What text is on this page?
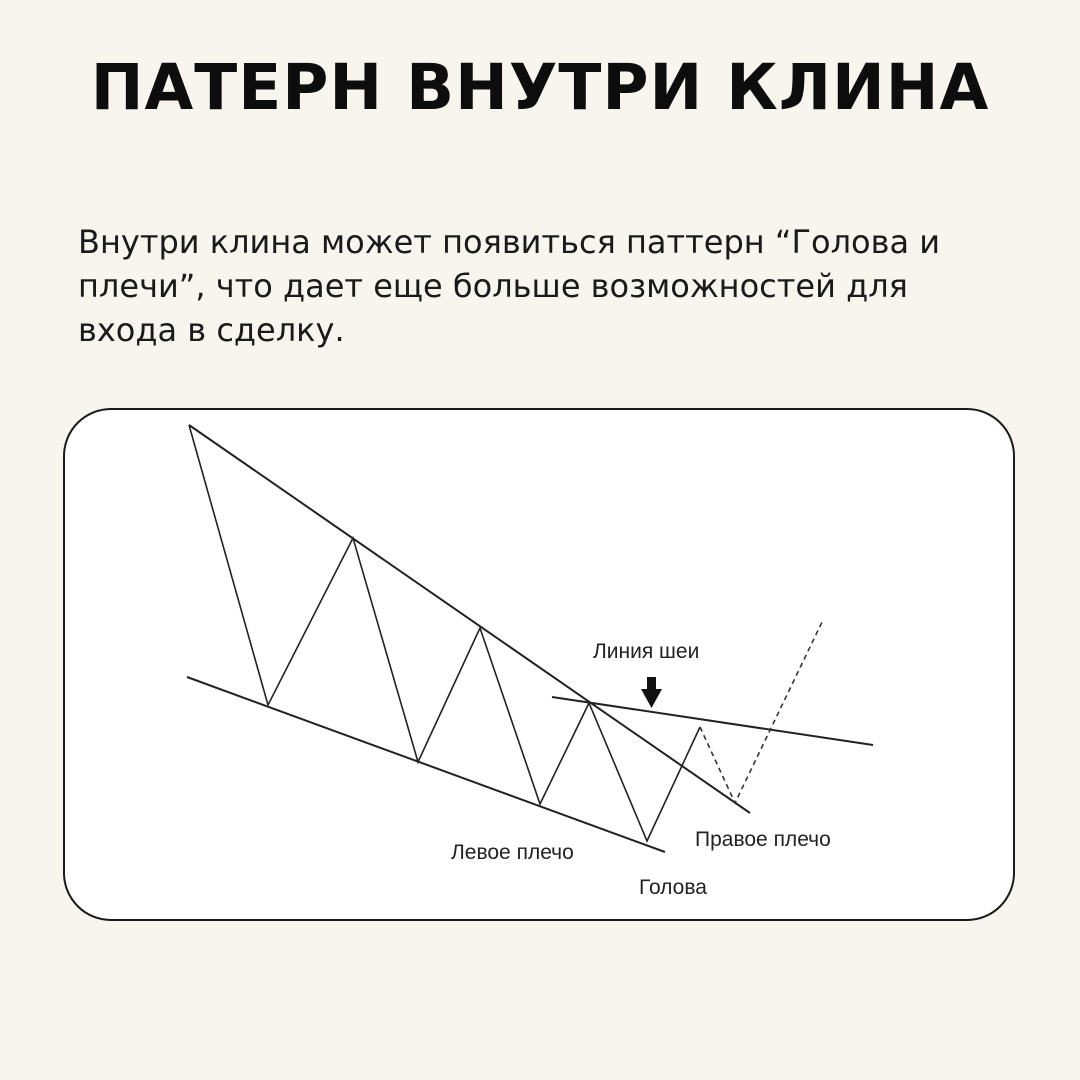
ПАТЕРН ВНУТРИ КЛИНА

Внутри клина может появиться паттерн “Голова и плечи”, что дает еще больше возможностей для входа в сделку.

Линия шеи
Левое плечо
Голова
Правое плечо
